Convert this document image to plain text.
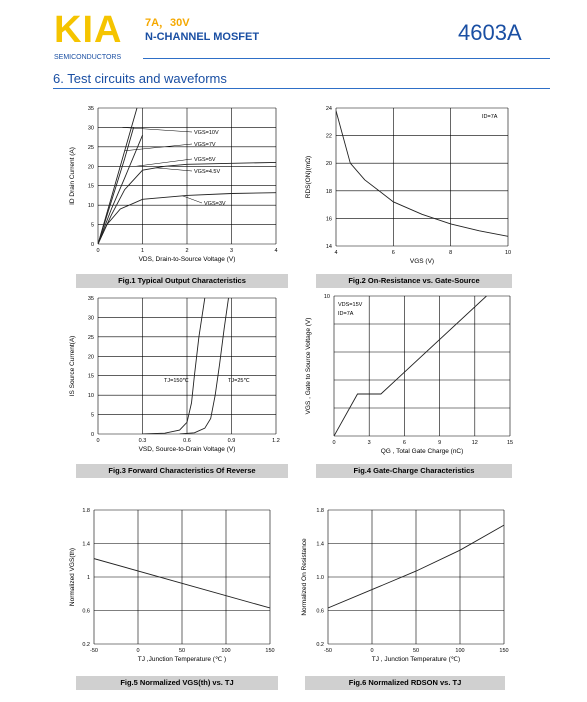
KIA
SEMICONDUCTORS
7A，30V
N-CHANNEL MOSFET	4603A
6. Test circuits and waveforms
0	1	2	3	4
0
5
10
15
20
25
30
35
VDS, Drain-to-Source Voltage (V)
ID Drain Current (A)
VGS=10V
VGS=7V
VGS=5V
VGS=4.5V
VGS=3V
Fig.1 Typical Output Characteristics
4	6	8	10
14
16
18
20
22
24
VGS (V)
RDS(ON)(mΩ)
ID=7A
Fig.2 On-Resistance vs. Gate-Source
0	0.3	0.6	0.9	1.2
0
5
10
15
20
25
30
35
VSD, Source-to-Drain Voltage (V)
IS Source Current(A)	TJ=150℃	TJ=25℃
Fig.3 Forward Characteristics Of Reverse
0	3	6	9	12	15
10
QG , Total Gate Charge (nC)
VGS , Gate to Source Voltage (V)
VDS=15V
ID=7A
Fig.4 Gate-Charge Characteristics
-50	0	50	100	150
0.2
0.6
1
1.4
1.8
TJ ,Junction Temperature (℃ )
Normalized VGS(th)
Fig.5 Normalized VGS(th) vs. TJ
-50	0	50	100	150
0.2
0.6
1.0
1.4
1.8
TJ , Junction Temperature (℃)
Normalized On Resistance
Fig.6 Normalized RDSON vs. TJ
